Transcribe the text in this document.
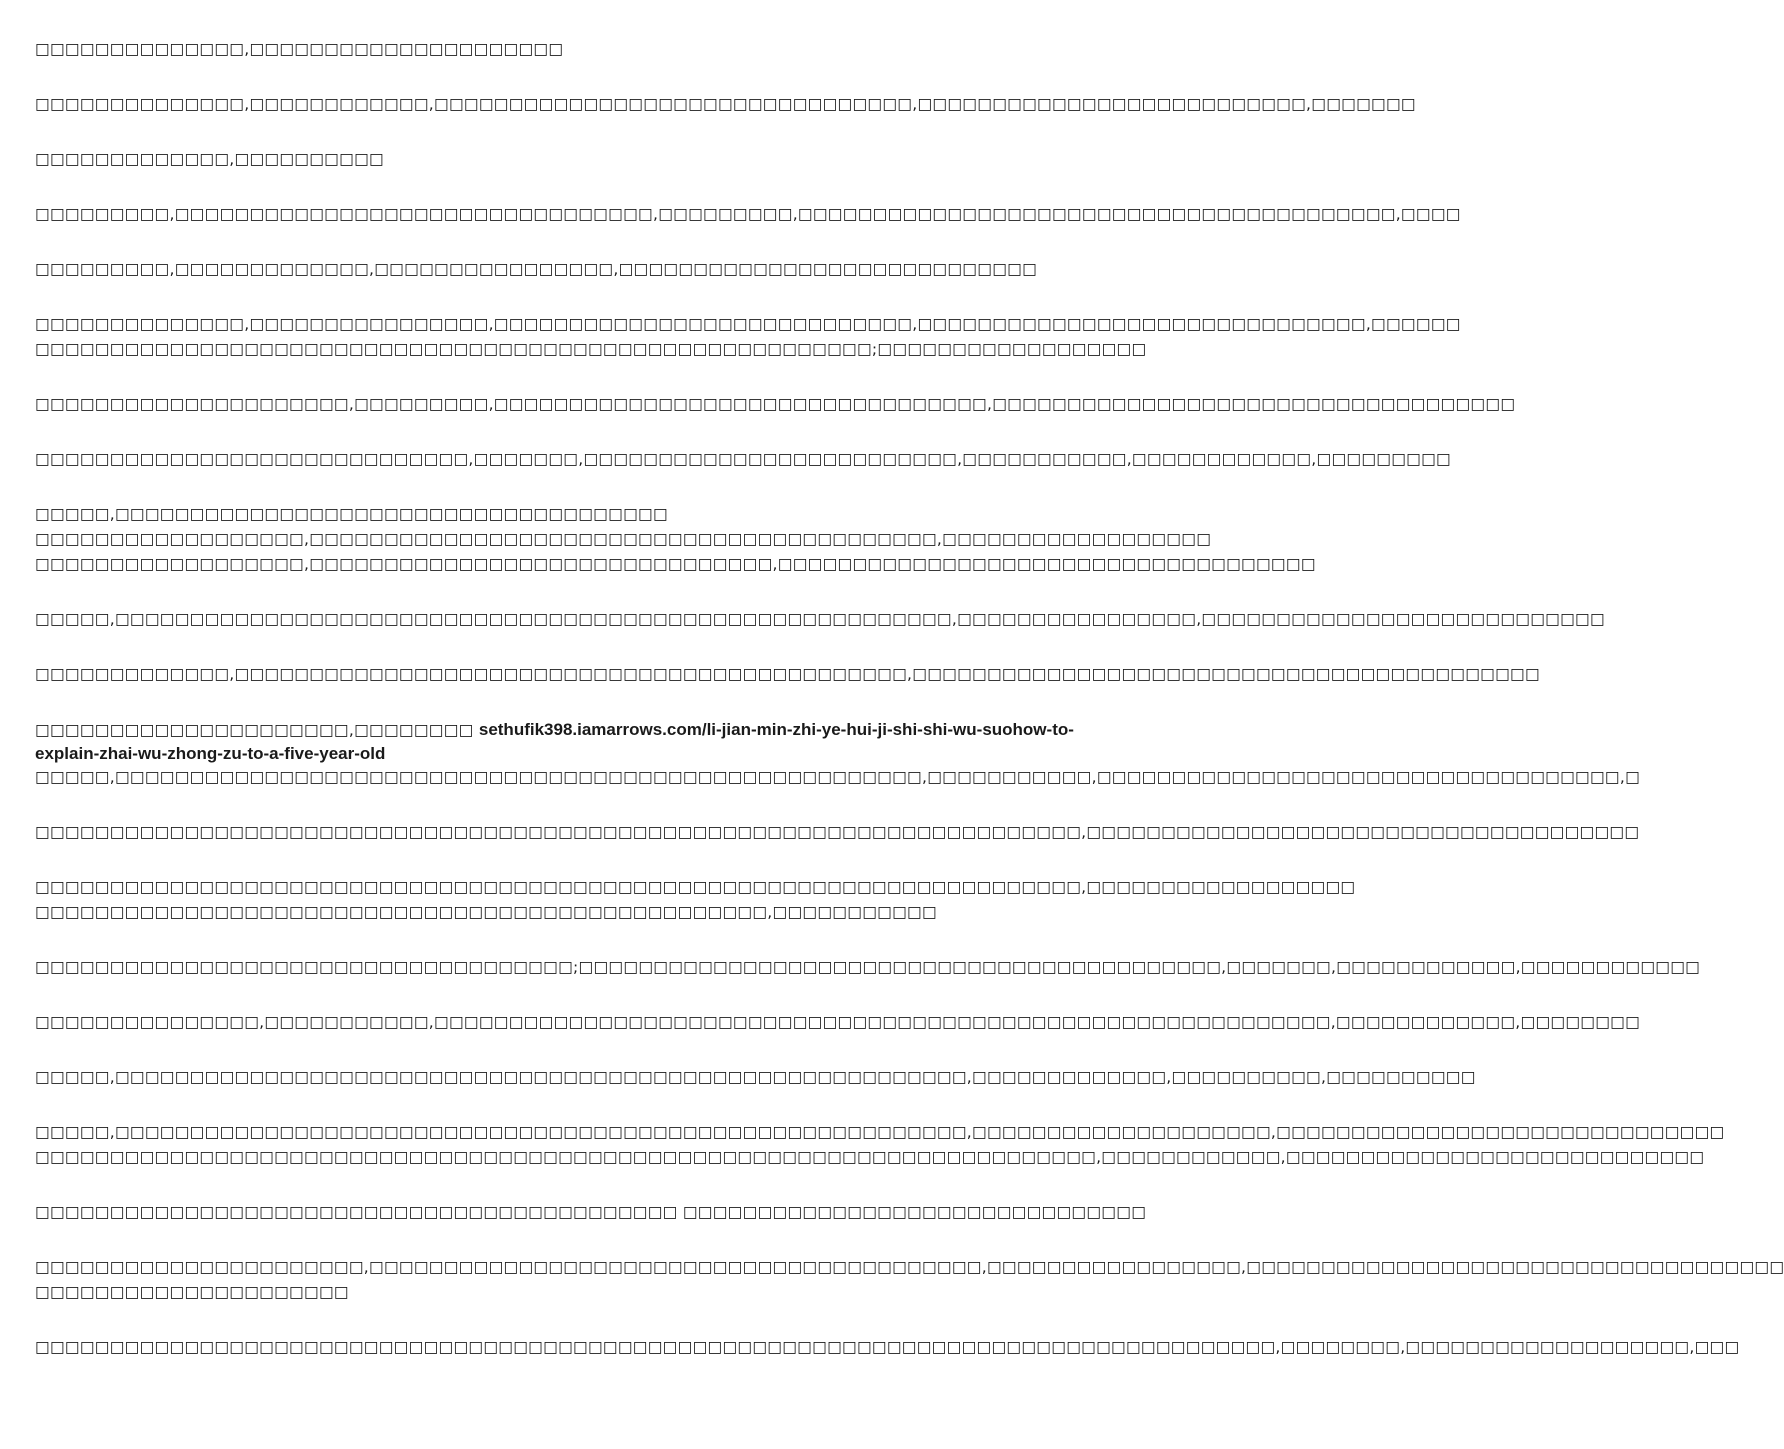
□□□□□□□□□□□□□□,□□□□□□□□□□□□□□□□□□□□□
□□□□□□□□□□□□□□,□□□□□□□□□□□□,□□□□□□□□□□□□□□□□□□□□□□□□□□□□□□□□,□□□□□□□□□□□□□□□□□□□□□□□□□□,□□□□□□□
□□□□□□□□□□□□□,□□□□□□□□□□
□□□□□□□□□,□□□□□□□□□□□□□□□□□□□□□□□□□□□□□□□□,□□□□□□□□□,□□□□□□□□□□□□□□□□□□□□□□□□□□□□□□□□□□□□□□□□,□□□□
□□□□□□□□□,□□□□□□□□□□□□□,□□□□□□□□□□□□□□□□,□□□□□□□□□□□□□□□□□□□□□□□□□□□□
□□□□□□□□□□□□□□,□□□□□□□□□□□□□□□□,□□□□□□□□□□□□□□□□□□□□□□□□□□□□,□□□□□□□□□□□□□□□□□□□□□□□□□□□□□□,□□□□□□
□□□□□□□□□□□□□□□□□□□□□□□□□□□□□□□□□□□□□□□□□□□□□□□□□□□□□□□□;□□□□□□□□□□□□□□□□□□
□□□□□□□□□□□□□□□□□□□□□,□□□□□□□□□,□□□□□□□□□□□□□□□□□□□□□□□□□□□□□□□□□,□□□□□□□□□□□□□□□□□□□□□□□□□□□□□□□□□□□
□□□□□□□□□□□□□□□□□□□□□□□□□□□□□,□□□□□□□,□□□□□□□□□□□□□□□□□□□□□□□□□,□□□□□□□□□□□,□□□□□□□□□□□□,□□□□□□□□□
□□□□□,□□□□□□□□□□□□□□□□□□□□□□□□□□□□□□□□□□□□□
□□□□□□□□□□□□□□□□□□,□□□□□□□□□□□□□□□□□□□□□□□□□□□□□□□□□□□□□□□□□□,□□□□□□□□□□□□□□□□□□
□□□□□□□□□□□□□□□□□□,□□□□□□□□□□□□□□□□□□□□□□□□□□□□□□□,□□□□□□□□□□□□□□□□□□□□□□□□□□□□□□□□□□□□
□□□□□,□□□□□□□□□□□□□□□□□□□□□□□□□□□□□□□□□□□□□□□□□□□□□□□□□□□□□□□□,□□□□□□□□□□□□□□□□,□□□□□□□□□□□□□□□□□□□□□□□□□□□
□□□□□□□□□□□□□,□□□□□□□□□□□□□□□□□□□□□□□□□□□□□□□□□□□□□□□□□□□□□,□□□□□□□□□□□□□□□□□□□□□□□□□□□□□□□□□□□□□□□□□□
□□□□□□□□□□□□□□□□□□□□□,□□□□□□□□ sethufik398.iamarrows.com/li-jian-min-zhi-ye-hui-ji-shi-shi-wu-suohow-to-
explain-zhai-wu-zhong-zu-to-a-five-year-old
□□□□□,□□□□□□□□□□□□□□□□□□□□□□□□□□□□□□□□□□□□□□□□□□□□□□□□□□□□□□,□□□□□□□□□□□,□□□□□□□□□□□□□□□□□□□□□□□□□□□□□□□□□□□,□
□□□□□□□□□□□□□□□□□□□□□□□□□□□□□□□□□□□□□□□□□□□□□□□□□□□□□□□□□□□□□□□□□□□□□□,□□□□□□□□□□□□□□□□□□□□□□□□□□□□□□□□□□□□□
□□□□□□□□□□□□□□□□□□□□□□□□□□□□□□□□□□□□□□□□□□□□□□□□□□□□□□□□□□□□□□□□□□□□□□,□□□□□□□□□□□□□□□□□□
□□□□□□□□□□□□□□□□□□□□□□□□□□□□□□□□□□□□□□□□□□□□□□□□□,□□□□□□□□□□□
□□□□□□□□□□□□□□□□□□□□□□□□□□□□□□□□□□□□;□□□□□□□□□□□□□□□□□□□□□□□□□□□□□□□□□□□□□□□□□□□,□□□□□□□,□□□□□□□□□□□□,□□□□□□□□□□□□
□□□□□□□□□□□□□□□,□□□□□□□□□□□,□□□□□□□□□□□□□□□□□□□□□□□□□□□□□□□□□□□□□□□□□□□□□□□□□□□□□□□□□□□□,□□□□□□□□□□□□,□□□□□□□□
□□□□□,□□□□□□□□□□□□□□□□□□□□□□□□□□□□□□□□□□□□□□□□□□□□□□□□□□□□□□□□□,□□□□□□□□□□□□□,□□□□□□□□□□,□□□□□□□□□□
□□□□□,□□□□□□□□□□□□□□□□□□□□□□□□□□□□□□□□□□□□□□□□□□□□□□□□□□□□□□□□□,□□□□□□□□□□□□□□□□□□□□,□□□□□□□□□□□□□□□□□□□□□□□□□□□□□□
□□□□□□□□□□□□□□□□□□□□□□□□□□□□□□□□□□□□□□□□□□□□□□□□□□□□□□□□□□□□□□□□□□□□□□□,□□□□□□□□□□□□,□□□□□□□□□□□□□□□□□□□□□□□□□□□□
□□□□□□□□□□□□□□□□□□□□□□□□□□□□□□□□□□□□□□□□□□□ □□□□□□□□□□□□□□□□□□□□□□□□□□□□□□□
□□□□□□□□□□□□□□□□□□□□□□,□□□□□□□□□□□□□□□□□□□□□□□□□□□□□□□□□□□□□□□□□,□□□□□□□□□□□□□□□□□,□□□□□□□□□□□□□□□□□□□□□□□□□□□□□□□□□□□□
□□□□□□□□□□□□□□□□□□□□□
□□□□□□□□□□□□□□□□□□□□□□□□□□□□□□□□□□□□□□□□□□□□□□□□□□□□□□□□□□□□□□□□□□□□□□□□□□□□□□□□□□□,□□□□□□□□,□□□□□□□□□□□□□□□□□□□,□□□
